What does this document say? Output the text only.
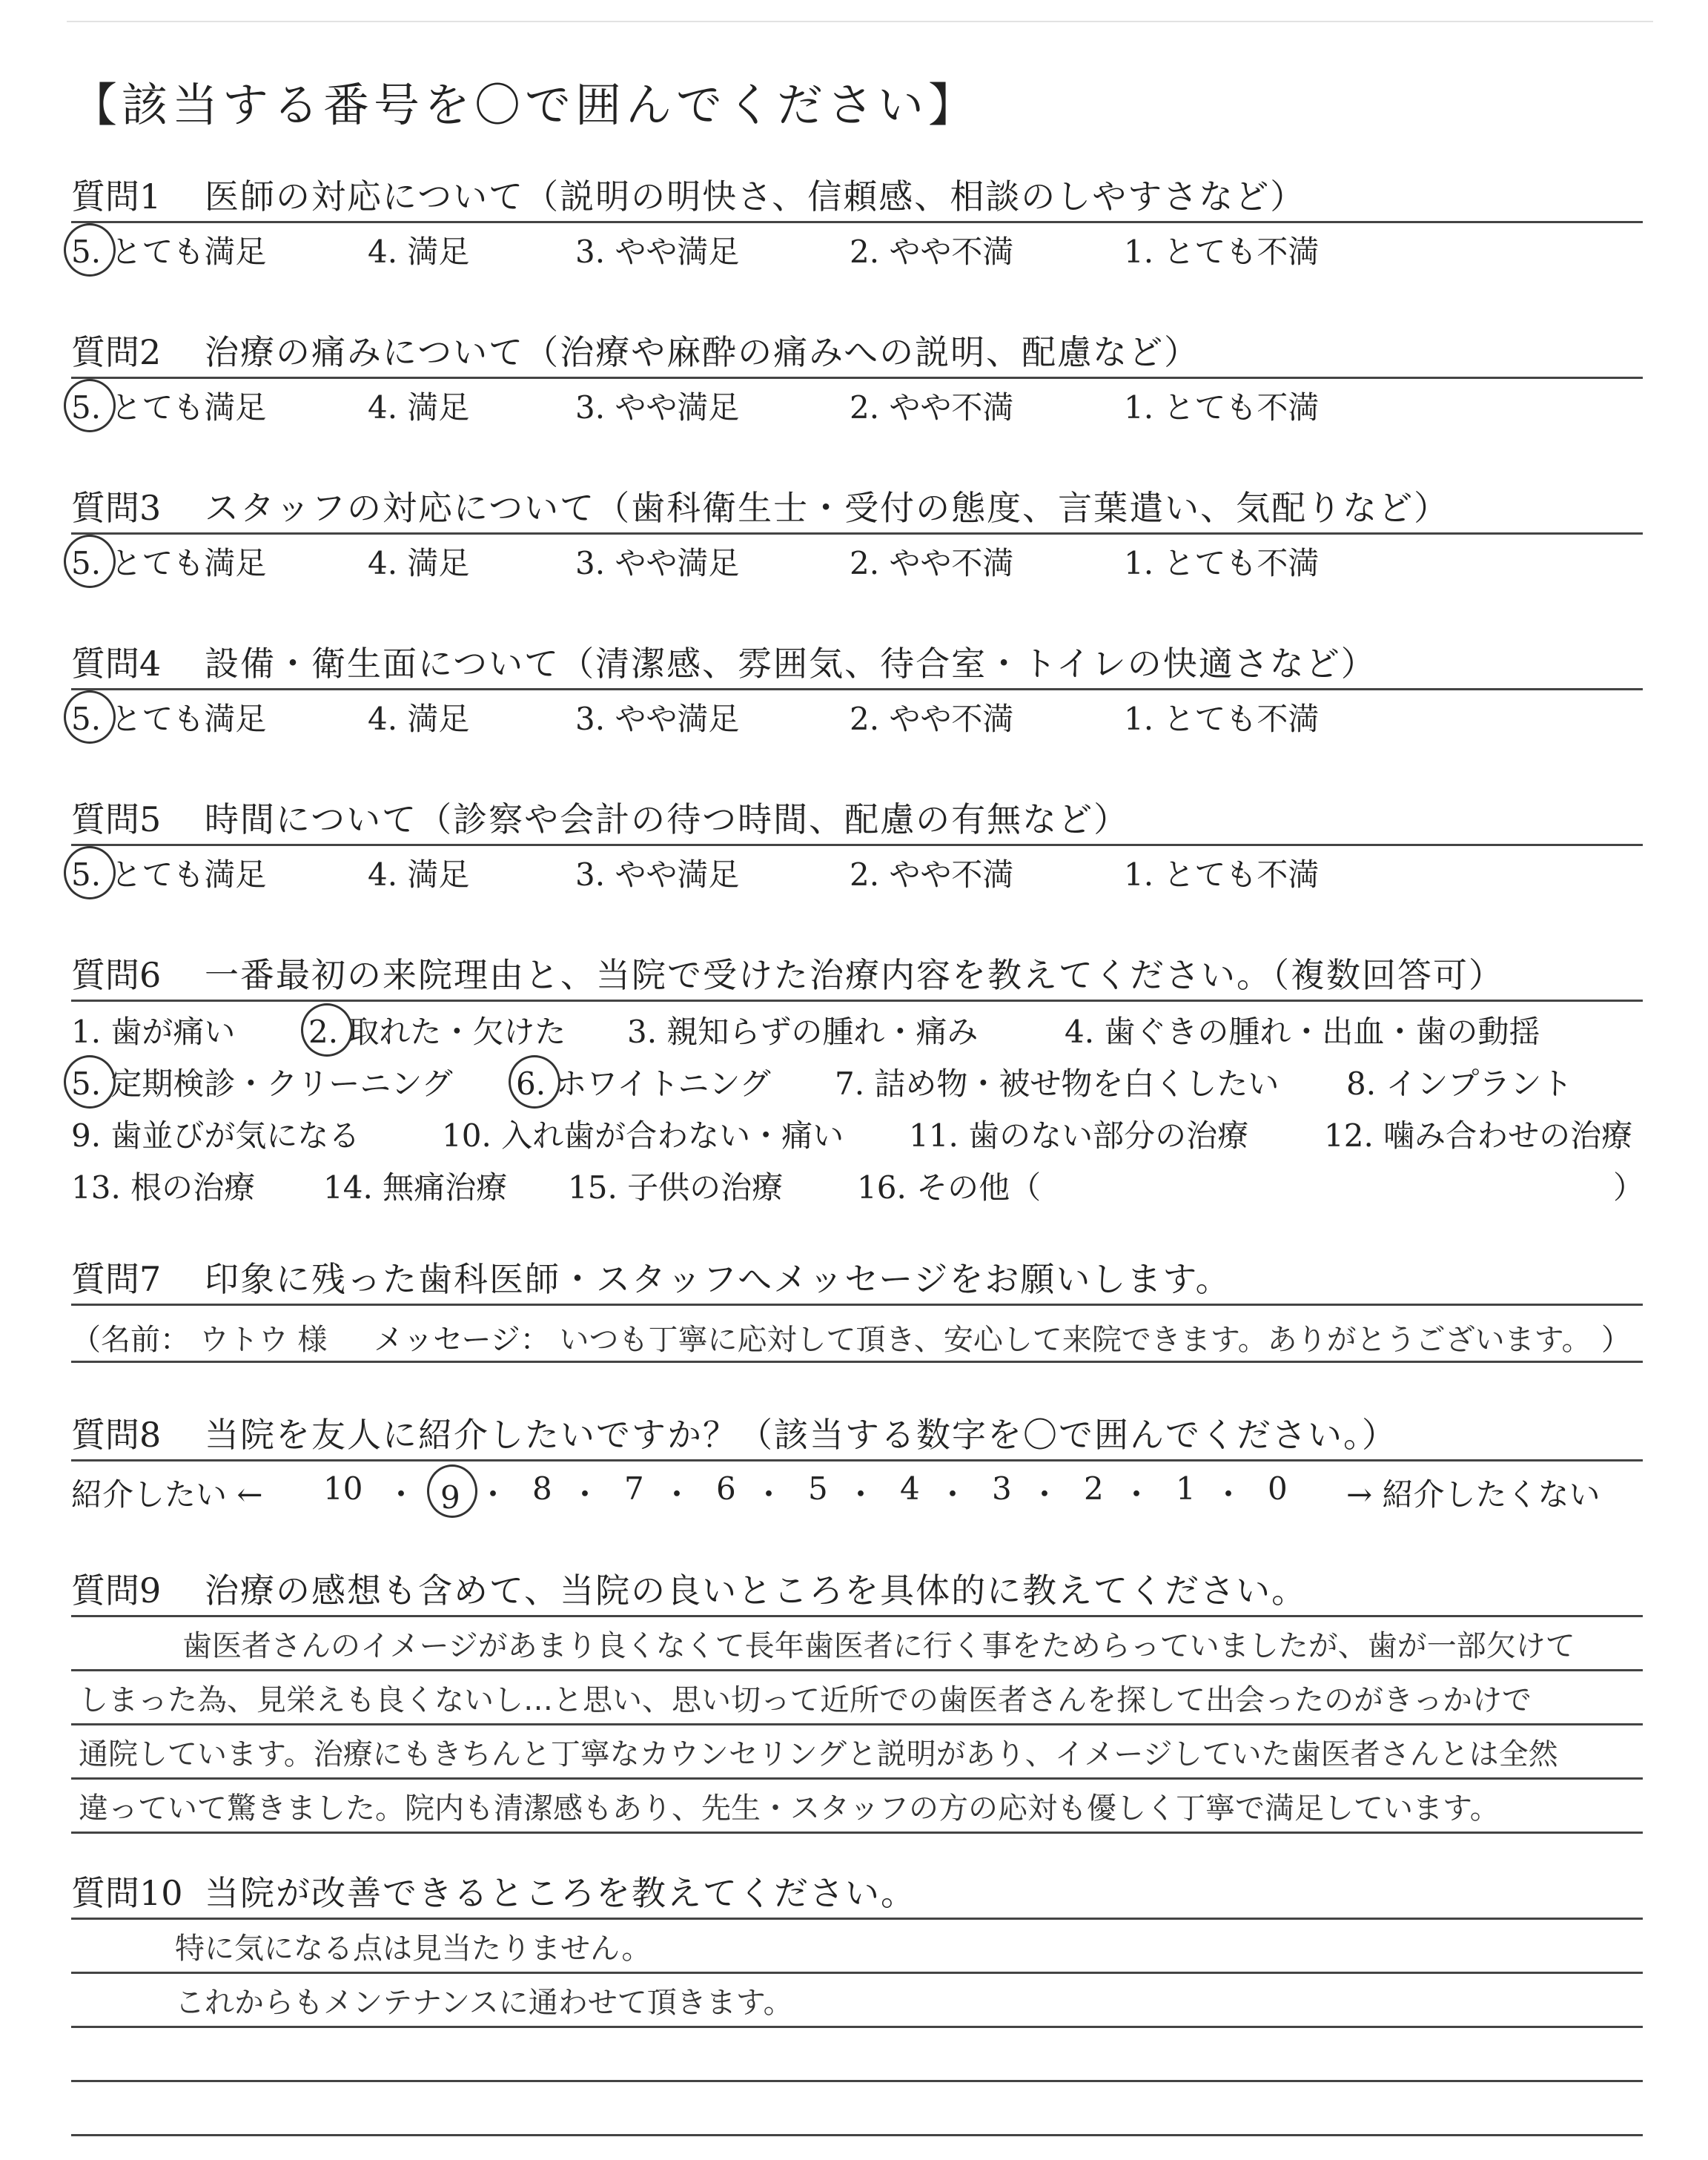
【該当する番号を〇で囲んでください】
質問1 医師の対応について（説明の明快さ、信頼感、相談のしやすさなど）
5. とても満足	4. 満足	3. やや満足	2. やや不満	1. とても不満
質問2 治療の痛みについて（治療や麻酔の痛みへの説明、配慮など）
5. とても満足	4. 満足	3. やや満足	2. やや不満	1. とても不満
質問3 スタッフの対応について（歯科衛生士・受付の態度、言葉遣い、気配りなど）
5. とても満足	4. 満足	3. やや満足	2. やや不満	1. とても不満
質問4 設備・衛生面について（清潔感、雰囲気、待合室・トイレの快適さなど）
5. とても満足	4. 満足	3. やや満足	2. やや不満	1. とても不満
質問5 時間について（診察や会計の待つ時間、配慮の有無など）
5. とても満足	4. 満足	3. やや満足	2. やや不満	1. とても不満
質問6 一番最初の来院理由と、当院で受けた治療内容を教えてください。（複数回答可）
1. 歯が痛い 2. 取れた・欠けた 3. 親知らずの腫れ・痛み	4. 歯ぐきの腫れ・出血・歯の動揺
5. 定期検診・クリーニング 6. ホワイトニング 7. 詰め物・被せ物を白くしたい 8. インプラント
9. 歯並びが気になる	10. 入れ歯が合わない・痛い 11. 歯のない部分の治療 12. 噛み合わせの治療
13. 根の治療 14. 無痛治療 15. 子供の治療 16. その他（	）
質問7 印象に残った歯科医師・スタッフへメッセージをお願いします。
（名前： ウトウ 様 メッセージ： いつも丁寧に応対して頂き、安心して来院できます。ありがとうございます。 ）
質問8 当院を友人に紹介したいですか？（該当する数字を〇で囲んでください。）
紹介したい ← 10 ・ 9 ・ 8 ・ 7 ・ 6 ・ 5 ・ 4 ・ 3 ・ 2 ・ 1 ・ 0 → 紹介したくない
質問9 治療の感想も含めて、当院の良いところを具体的に教えてください。
歯医者さんのイメージがあまり良くなくて長年歯医者に行く事をためらっていましたが、歯が一部欠けて
しまった為、見栄えも良くないし…と思い、思い切って近所での歯医者さんを探して出会ったのがきっかけで
通院しています。治療にもきちんと丁寧なカウンセリングと説明があり、イメージしていた歯医者さんとは全然
違っていて驚きました。院内も清潔感もあり、先生・スタッフの方の応対も優しく丁寧で満足しています。
質問10 当院が改善できるところを教えてください。
特に気になる点は見当たりません。
これからもメンテナンスに通わせて頂きます。
